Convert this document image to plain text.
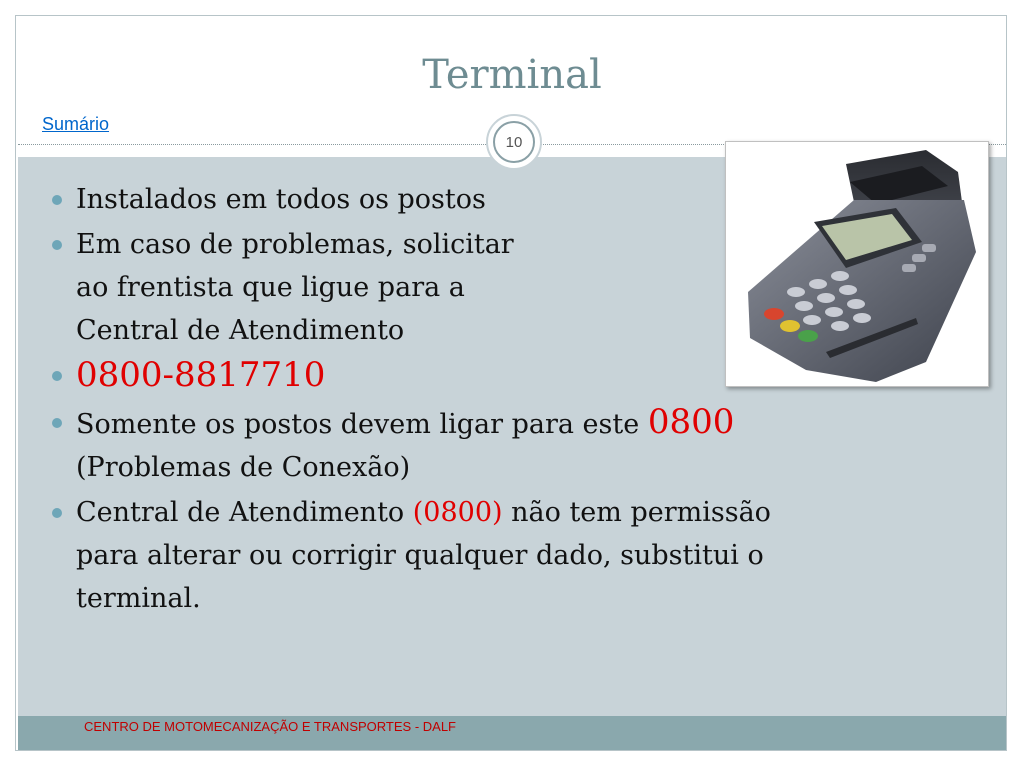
Terminal
Sumário
10
Instalados em todos os postos
Em caso de problemas, solicitar
ao frentista que ligue para a
Central de Atendimento
0800-8817710
Somente os postos devem ligar para este 0800
(Problemas de Conexão)
Central de Atendimento (0800) não tem permissão
para alterar ou corrigir qualquer dado, substitui o
terminal.
CENTRO DE MOTOMECANIZAÇÃO E TRANSPORTES - DALF
